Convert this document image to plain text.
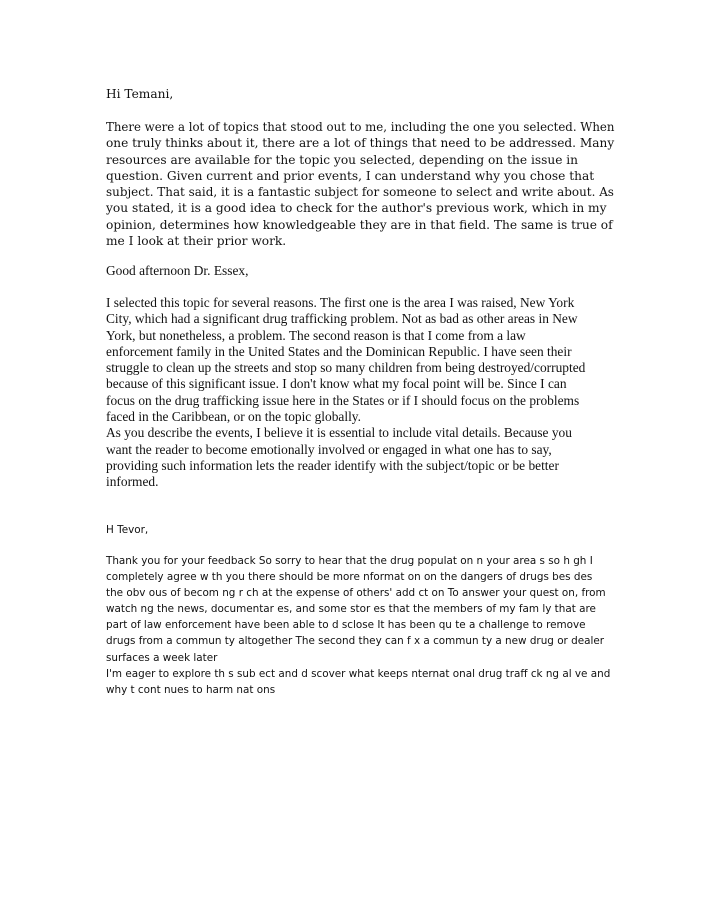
Hi Temani,

There were a lot of topics that stood out to me, including the one you selected. When
one truly thinks about it, there are a lot of things that need to be addressed. Many
resources are available for the topic you selected, depending on the issue in
question. Given current and prior events, I can understand why you chose that
subject. That said, it is a fantastic subject for someone to select and write about. As
you stated, it is a good idea to check for the author's previous work, which in my
opinion, determines how knowledgeable they are in that field. The same is true of
me I look at their prior work.

Good afternoon Dr. Essex,

I selected this topic for several reasons. The first one is the area I was raised, New York
City, which had a significant drug trafficking problem. Not as bad as other areas in New
York, but nonetheless, a problem. The second reason is that I come from a law
enforcement family in the United States and the Dominican Republic. I have seen their
struggle to clean up the streets and stop so many children from being destroyed/corrupted
because of this significant issue. I don't know what my focal point will be. Since I can
focus on the drug trafficking issue here in the States or if I should focus on the problems
faced in the Caribbean, or on the topic globally.
As you describe the events, I believe it is essential to include vital details. Because you
want the reader to become emotionally involved or engaged in what one has to say,
providing such information lets the reader identify with the subject/topic or be better
informed.

H Tevor,

Thank you for your feedback So sorry to hear that the drug populat on n your area s so h gh I
completely agree w th you there should be more nformat on on the dangers of drugs bes des
the obv ous of becom ng r ch at the expense of others' add ct on To answer your quest on, from
watch ng the news, documentar es, and some stor es that the members of my fam ly that are
part of law enforcement have been able to d sclose It has been qu te a challenge to remove
drugs from a commun ty altogether The second they can f x a commun ty a new drug or dealer
surfaces a week later
I'm eager to explore th s sub ect and d scover what keeps nternat onal drug traff ck ng al ve and
why t cont nues to harm nat ons
